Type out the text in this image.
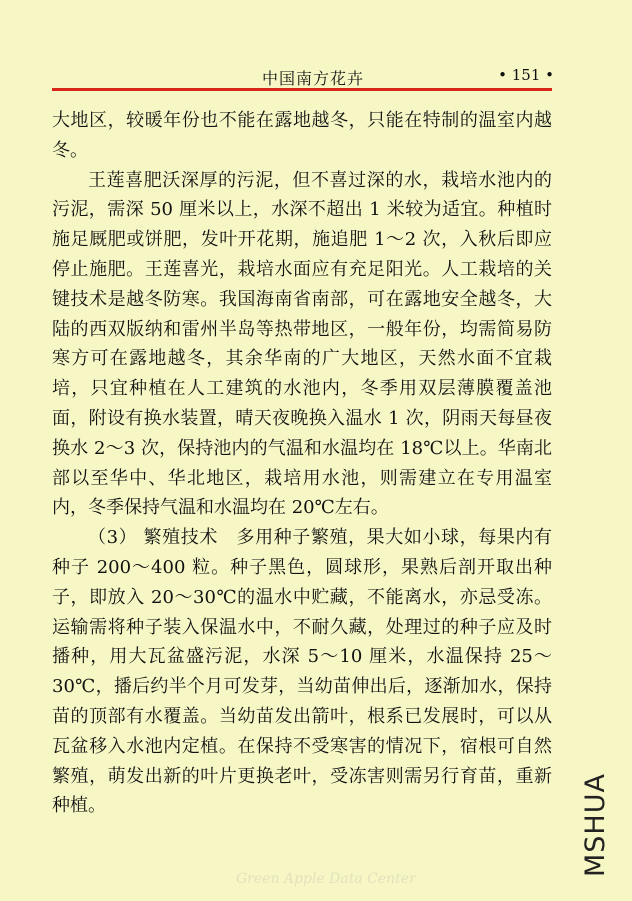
中国南方花卉	• 151 •

大地区，较暖年份也不能在露地越冬，只能在特制的温室内越冬。

王莲喜肥沃深厚的污泥，但不喜过深的水，栽培水池内的污泥，需深 50 厘米以上，水深不超出 1 米较为适宜。种植时施足厩肥或饼肥，发叶开花期，施追肥 1～2 次，入秋后即应停止施肥。王莲喜光，栽培水面应有充足阳光。人工栽培的关键技术是越冬防寒。我国海南省南部，可在露地安全越冬，大陆的西双版纳和雷州半岛等热带地区，一般年份，均需简易防寒方可在露地越冬，其余华南的广大地区，天然水面不宜栽培，只宜种植在人工建筑的水池内，冬季用双层薄膜覆盖池面，附设有换水装置，晴天夜晚换入温水 1 次，阴雨天每昼夜换水 2～3 次，保持池内的气温和水温均在 18℃以上。华南北部以至华中、华北地区，栽培用水池，则需建立在专用温室内，冬季保持气温和水温均在 20℃左右。

（3） 繁殖技术　多用种子繁殖，果大如小球，每果内有种子 200～400 粒。种子黑色，圆球形，果熟后剖开取出种子，即放入 20～30℃的温水中贮藏，不能离水，亦忌受冻。运输需将种子装入保温水中，不耐久藏，处理过的种子应及时播种，用大瓦盆盛污泥，水深 5～10 厘米，水温保持 25～30℃，播后约半个月可发芽，当幼苗伸出后，逐渐加水，保持苗的顶部有水覆盖。当幼苗发出箭叶，根系已发展时，可以从瓦盆移入水池内定植。在保持不受寒害的情况下，宿根可自然繁殖，萌发出新的叶片更换老叶，受冻害则需另行育苗，重新种植。

Green Apple Data Center
MSHUA
